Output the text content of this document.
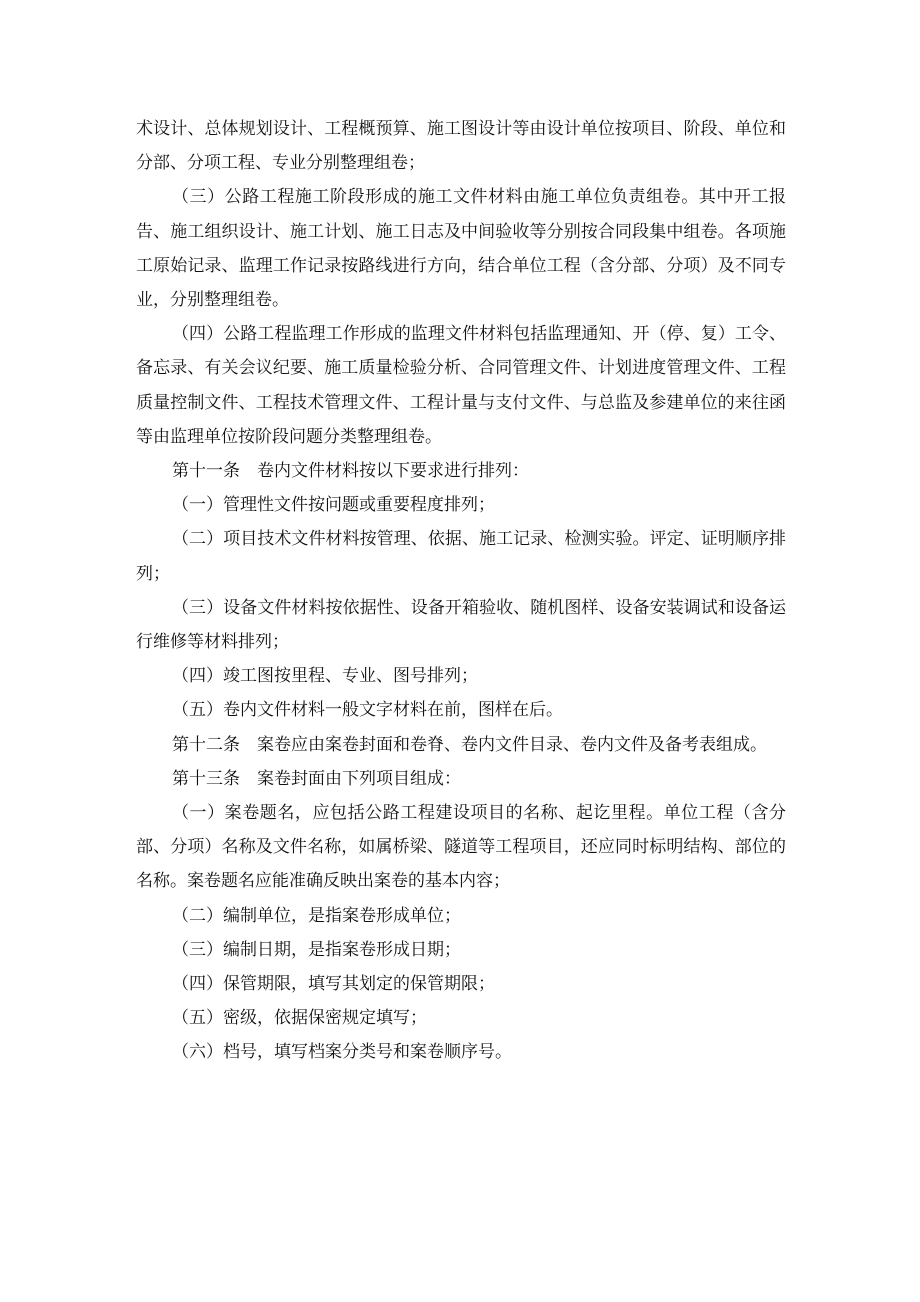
术设计、总体规划设计、工程概预算、施工图设计等由设计单位按项目、阶段、单位和分部、分项工程、专业分别整理组卷；

（三）公路工程施工阶段形成的施工文件材料由施工单位负责组卷。其中开工报告、施工组织设计、施工计划、施工日志及中间验收等分别按合同段集中组卷。各项施工原始记录、监理工作记录按路线进行方向，结合单位工程（含分部、分项）及不同专业，分别整理组卷。

（四）公路工程监理工作形成的监理文件材料包括监理通知、开（停、复）工令、备忘录、有关会议纪要、施工质量检验分析、合同管理文件、计划进度管理文件、工程质量控制文件、工程技术管理文件、工程计量与支付文件、与总监及参建单位的来往函等由监理单位按阶段问题分类整理组卷。

第十一条　卷内文件材料按以下要求进行排列：

（一）管理性文件按问题或重要程度排列；

（二）项目技术文件材料按管理、依据、施工记录、检测实验。评定、证明顺序排列；

（三）设备文件材料按依据性、设备开箱验收、随机图样、设备安装调试和设备运行维修等材料排列；

（四）竣工图按里程、专业、图号排列；

（五）卷内文件材料一般文字材料在前，图样在后。

第十二条　案卷应由案卷封面和卷脊、卷内文件目录、卷内文件及备考表组成。

第十三条　案卷封面由下列项目组成：

（一）案卷题名，应包括公路工程建设项目的名称、起讫里程。单位工程（含分部、分项）名称及文件名称，如属桥梁、隧道等工程项目，还应同时标明结构、部位的名称。案卷题名应能准确反映出案卷的基本内容；

（二）编制单位，是指案卷形成单位；

（三）编制日期，是指案卷形成日期；

（四）保管期限，填写其划定的保管期限；

（五）密级，依据保密规定填写；

（六）档号，填写档案分类号和案卷顺序号。
